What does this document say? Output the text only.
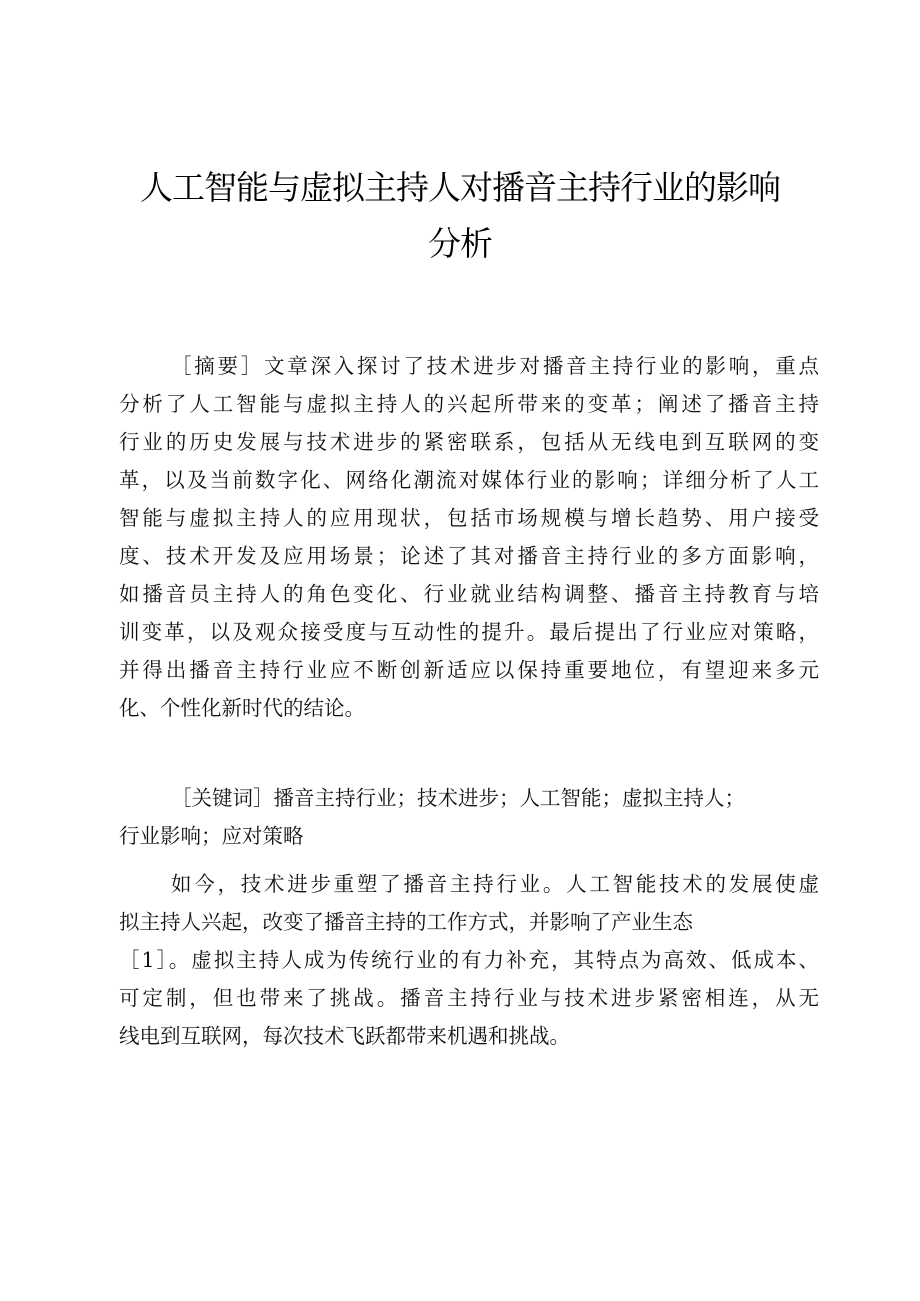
人工智能与虚拟主持人对播音主持行业的影响
分析
［摘要］文章深入探讨了技术进步对播音主持行业的影响，重点
分析了人工智能与虚拟主持人的兴起所带来的变革；阐述了播音主持
行业的历史发展与技术进步的紧密联系，包括从无线电到互联网的变
革，以及当前数字化、网络化潮流对媒体行业的影响；详细分析了人工
智能与虚拟主持人的应用现状，包括市场规模与增长趋势、用户接受
度、技术开发及应用场景；论述了其对播音主持行业的多方面影响，
如播音员主持人的角色变化、行业就业结构调整、播音主持教育与培
训变革，以及观众接受度与互动性的提升。最后提出了行业应对策略，
并得出播音主持行业应不断创新适应以保持重要地位，有望迎来多元
化、个性化新时代的结论。
［关键词］播音主持行业；技术进步；人工智能；虚拟主持人；
行业影响；应对策略
如今，技术进步重塑了播音主持行业。人工智能技术的发展使虚
拟主持人兴起，改变了播音主持的工作方式，并影响了产业生态
［1］。虚拟主持人成为传统行业的有力补充，其特点为高效、低成本、
可定制，但也带来了挑战。播音主持行业与技术进步紧密相连，从无
线电到互联网，每次技术飞跃都带来机遇和挑战。
